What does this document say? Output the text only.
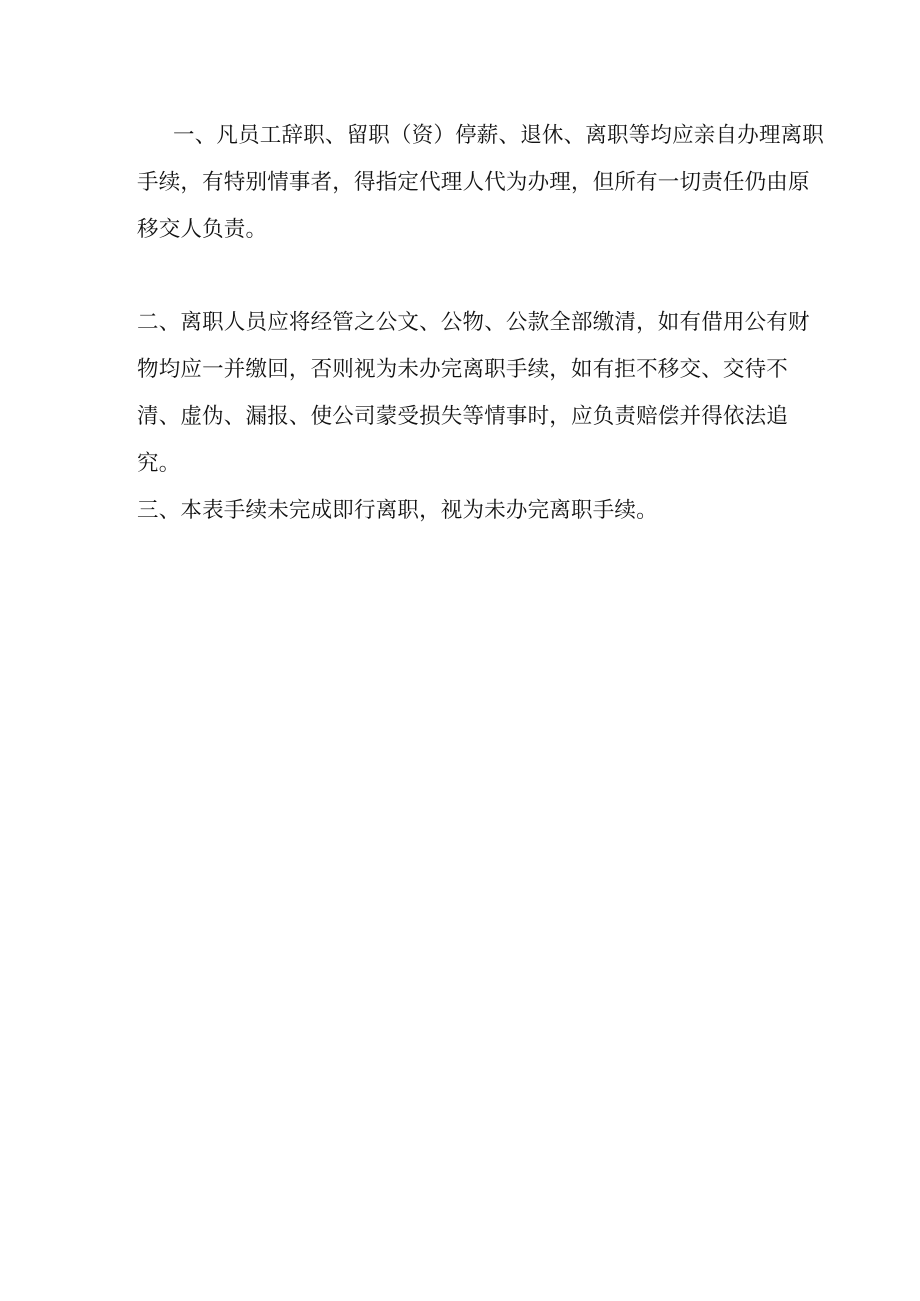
一、凡员工辞职、留职（资）停薪、退休、离职等均应亲自办理离职手续，有特别情事者，得指定代理人代为办理，但所有一切责任仍由原移交人负责。

二、离职人员应将经管之公文、公物、公款全部缴清，如有借用公有财物均应一并缴回，否则视为未办完离职手续，如有拒不移交、交待不清、虚伪、漏报、使公司蒙受损失等情事时，应负责赔偿并得依法追究。

三、本表手续未完成即行离职，视为未办完离职手续。
